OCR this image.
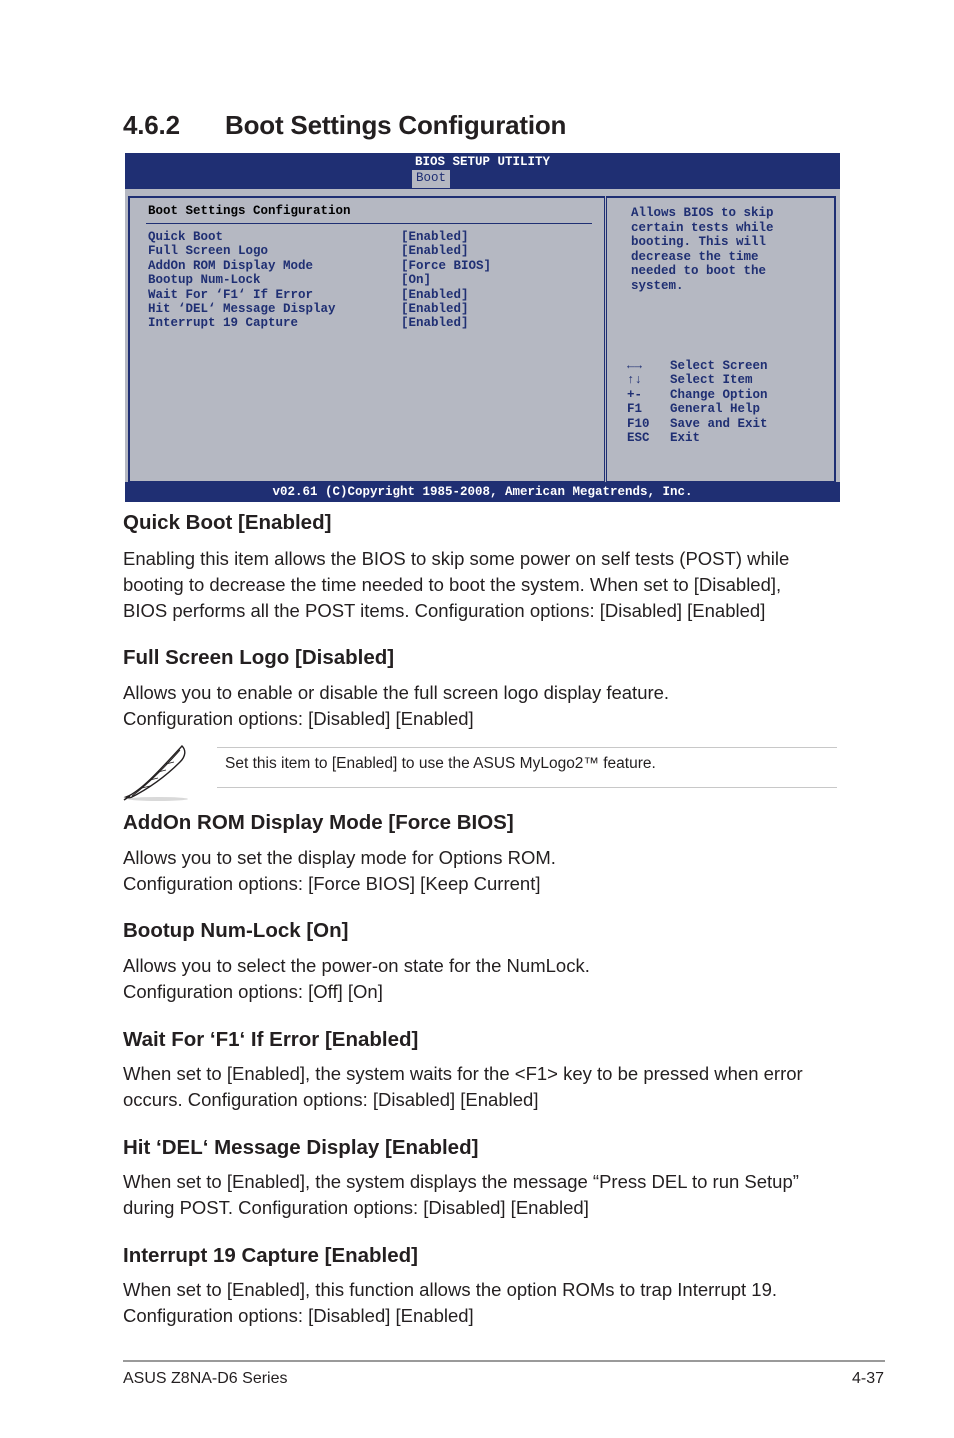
4.6.2 Boot Settings Configuration
BIOS SETUP UTILITY
Boot
Boot Settings Configuration
Quick Boot	[Enabled]
Full Screen Logo	[Enabled]
AddOn ROM Display Mode	[Force BIOS]
Bootup Num-Lock	[On]
Wait For ‘F1‘ If Error	[Enabled]
Hit ‘DEL‘ Message Display	[Enabled]
Interrupt 19 Capture	[Enabled]
Allows BIOS to skip
certain tests while
booting. This will
decrease the time
needed to boot the
system.
←→ Select Screen
↑↓ Select Item
+- Change Option
F1 General Help
F10 Save and Exit
ESC Exit
v02.61 (C)Copyright 1985-2008, American Megatrends, Inc.
Quick Boot [Enabled]

Enabling this item allows the BIOS to skip some power on self tests (POST) while
booting to decrease the time needed to boot the system. When set to [Disabled],
BIOS performs all the POST items. Configuration options: [Disabled] [Enabled]

Full Screen Logo [Disabled]

Allows you to enable or disable the full screen logo display feature.
Configuration options: [Disabled] [Enabled]

Set this item to [Enabled] to use the ASUS MyLogo2™ feature.
AddOn ROM Display Mode [Force BIOS]

Allows you to set the display mode for Options ROM.
Configuration options: [Force BIOS] [Keep Current]

Bootup Num-Lock [On]

Allows you to select the power-on state for the NumLock.
Configuration options: [Off] [On]

Wait For ‘F1‘ If Error [Enabled]

When set to [Enabled], the system waits for the <F1> key to be pressed when error
occurs. Configuration options: [Disabled] [Enabled]

Hit ‘DEL‘ Message Display [Enabled]

When set to [Enabled], the system displays the message “Press DEL to run Setup”
during POST. Configuration options: [Disabled] [Enabled]

Interrupt 19 Capture [Enabled]

When set to [Enabled], this function allows the option ROMs to trap Interrupt 19.
Configuration options: [Disabled] [Enabled]

ASUS Z8NA-D6 Series	4-37
